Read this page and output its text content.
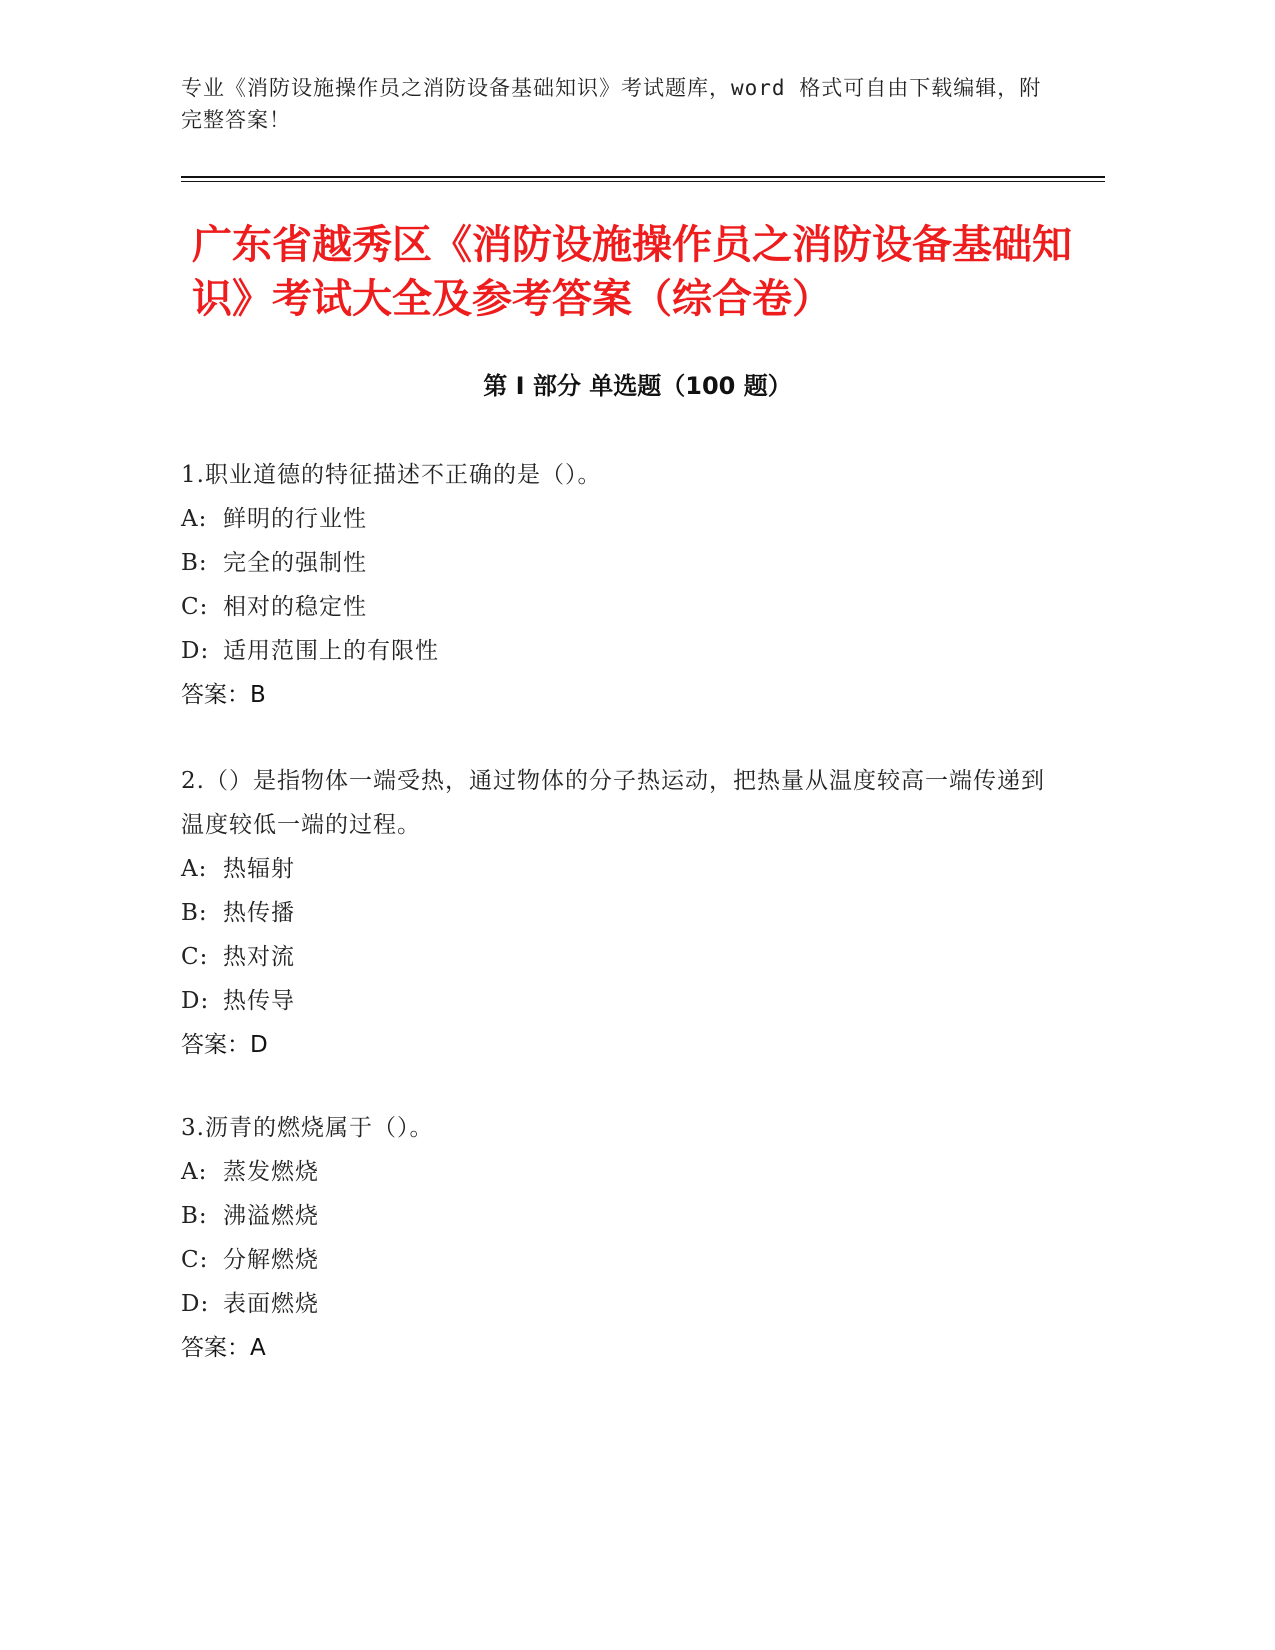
专业《消防设施操作员之消防设备基础知识》考试题库，word 格式可自由下载编辑，附完整答案！
广东省越秀区《消防设施操作员之消防设备基础知识》考试大全及参考答案（综合卷）
第 I 部分 单选题（100 题）

1.职业道德的特征描述不正确的是（）。

A: 鲜明的行业性

B: 完全的强制性

C: 相对的稳定性

D: 适用范围上的有限性

答案：B

2.（）是指物体一端受热，通过物体的分子热运动，把热量从温度较高一端传递到温度较低一端的过程。

A: 热辐射

B: 热传播

C: 热对流

D: 热传导

答案：D

3.沥青的燃烧属于（）。

A: 蒸发燃烧

B: 沸溢燃烧

C: 分解燃烧

D: 表面燃烧

答案：A
